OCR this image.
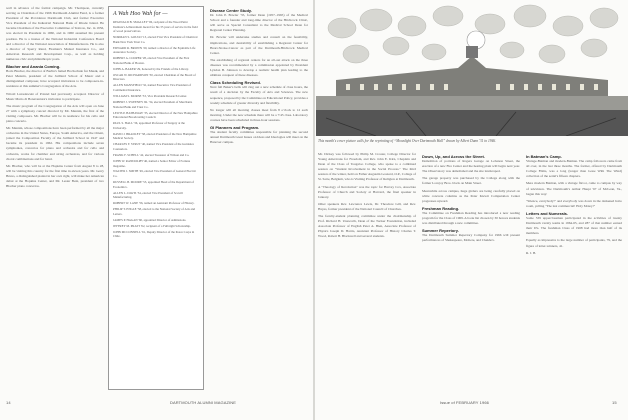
well in advance of the formal campaign. Mr. Thompson, currently serving as Chairman of the 1966 Dartmouth Alumni Fund, is a former President of the Providence Dartmouth Club, and former Executive Vice President of the Industrial National Bank of Rhode Island. He became Chairman of the Executive Committee of Textron, Inc. in 1956, was elected its President in 1960, and in 1960 assumed his present position. He is a trustee of the National Industrial Conference Board and a director of the National Association of Manufacturers. He is also a director of Sperry Rand, Fireman's Mutual Insurance Co., and American Research and Development Corp., as well as holding numerous civic and philanthropic posts.
Blacher and Anania Coming.
Boris Blacher, the director of Berlin's famed Hochschule fur Musik, and Peter Mennin, president of the Juilliard School of Music and a distinguished composer, have accepted invitations to be composers-in-residence at this summer's Congregation of the Arts.
Witold Lutoslawski of Poland had previously accepted. Director of Music Mario di Bonaventura's invitation to participate.
The music program of the Congregation of the Arts will open on June 27 with a symphony concert directed by Mr. Mennin, the first of the visiting composers. Mr. Blacher will be in residence for his cello and piano concerto.
Mr. Mennin, whose compositions have been performed by all the major orchestras in the United States, Europe, South America, and the Orient, joined the Composition Faculty of the Juilliard School in 1947 and became its president in 1962. His compositions include seven symphonies, concertos for piano and orchestra and for cello and orchestra, works for chamber and string orchestras, and for various choral combinations and for band.
Mr. Blacher, who will be at the Hopkins Center from August 8 to 28, will be visiting this country for the first time in eleven years. Mr. Gerry Bruno, a distinguished pianist in her own right, will make her American debut at the Hopkins Center, and Mr. Lester Bent, president of two Blacher piano concertos.
A Wah Hoo Wah for —
REGINALD B. SMALLEY '06, recipient of the Wood Paint Institute's Achievement Award for his 35 years of service in the field of wood preservatives.
NORMAN S. GOULD '13, elected First Vice President of Chemical Bank New York Trust Co.
EDWARD R. BROWN '20, named a director of the Equitable Life Assurance Society.
ROBERT A. COOPER '28, elected Vice President of the First National Bank of Boston.
JOHN A. BAKER '29, honored by the Friends of the Library.
OSCAR W. RICHARDSON '30, elected Chairman of the Board of Directors.
ALLEN MANSFIELD '32, named Executive Vice President of Continental Insurance.
WILLIAM S. MORSE '33, Vice President Research Center.
ROBERT J. SWEENEY JR. '34, elected President of Merchants National Bank and Trust Co.
LEWIS P. HATHAWAY '35, elected Director of the New Hampshire Educational Broadcasting Council.
PAUL S. HALL '36, appointed Professor of Surgery at the University.
DAVID J. BRADLEY '38, elected President of the New Hampshire Medical Society.
CHARLES F. STRUT '40, named Vice President of the Guidance Counselors.
FRANK F. SCHELL '42, elected Treasurer of Wilson and Co.
JOHN W. RANDOLPH '46, named a Senior Editor of Fortune magazine.
WALTER J. SMITH '49, elected Vice President of General Electric Co.
RUSSELL B. MOORE '53, appointed Head of the Department of Economics.
ALLEN L. DAVIS '54, elected Vice President of Scovill Manufacturing.
ROBERT W. LANE '56, named an Assistant Professor of History.
PHILIP T. ENGLE '58, elected to the National Society of Arts and Letters.
JAMES P. HAGAN '60, appointed Director of Admissions.
JEFFREY M. PRATT '62, recipient of a Fulbright Scholarship.
JOHN MCCONNELL '61, Deputy Director of the Peace Corps in Chile.
Disease Center Study.
Dr. John P. Bowler '35, former Dean (1957–1965) of the Medical School and a founder and long-time director of the Hitchcock Clinic, will serve as Special Consultant to the Medical School Dean for Regional Center Planning.
Dr. Bowler will undertake studies and consult on the feasibility, implications, and desirability of establishing a Regional Center for Heart-Stroke-Cancer as part of the Dartmouth-Hitchcock Medical Center.
The establishing of regional centers for an all-out attack on the three diseases was recommended by a commission appointed by President Lyndon B. Johnson to develop a realistic health plan leading to the ultimate conquest of these diseases.
Class Scheduling Revised.
Next fall Baker's bells will ring out a new schedule of class hours, the result of a decision by the Faculty of Arts and Sciences. The new sequence, proposed by the Committee on Educational Policy, provides a weekly schedule of greater diversity and flexibility.
No longer will all morning classes meet from 8 o'clock to 12 each morning. Under the new schedule there will be a 7:45 class. Laboratory courses have been scheduled in three-hour sessions.
GI Planners and Program.
The student faculty committee responsible for planning the second annual Dartmouth Great Issues on Ideas and Ideologies will meet on the Hanover campus.
14	DARTMOUTH ALUMNI MAGAZINE
This month's cover picture calls for the reprinting of “Moonlight Over Dartmouth Hall” drawn by Albert Dunn '31 in 1946.
Mr. Dickey was followed by Philip M. Crosier, College Director for Young Americans for Freedom, and Rev. John E. Kirn, Chaplain and Dean of the Class of Tougaloo College, who spoke to a combined session on "Student Involvement in the Social Process." The third session of the winter, held on Father Augustin Leonard, O.P., College of St. Sarte, Belgium, who is Visiting Professor of Religion at Dartmouth.
A "Theology of Revolution" was the topic for Harvey Cox, Associate Professor of Church and Society at Harvard, the final speaker in January.
Other speakers Rev. Lawrence Lewis, Dr. Theodore Gill, and Rev. Hayes, former president of the National Council of Churches.
The faculty-student planning committee under the chairmanship of Prof. Richard H. Unsworth, Dean of the Tucker Foundation, included Associate Professor of English Peter A. Bien, Associate Professor of Physics Joseph D. Harris, Assistant Professor of History Charles T. Wood, Robert H. Blackwell and several students.
Down, Up, and Across the Street.
Demolition of portions of Rogers Garage on Lebanon Street, the erection of a new Fire Center and the heating plant will begin next year. The Observatory was demolished and the site landscaped.
The garage property was purchased by the College along with the former Lovejoy Bros. block on Main Street.
Meanwhile across campus, huge girders are being carefully placed on white concrete columns as the Peter Kiewit Computation Center progresses upward.
Freshman Reading.
The Committee on Freshman Reading has introduced a new reading program for the Class of 1969. A book list chosen by 30 honors students was distributed through a new committee.
Summer Repertory.
The Dartmouth Summer Repertory Company for 1966 will present performances of Shakespeare, Moliere, and Chekhov.
In Batman's Camp.
Vintage-Batman and modern-Batman. The camp followers came from all over, in the last three months. The former, offered by Dartmouth College Films, was a long (longer than Gone With The Wind) collection of the serial's fifteen chapters.
Mere modern Batman, with a vintage flavor, came to campus by way of television. The Dartmouth's Arthur Haupt '67 of McLean, Va., began this way:
"Silence, everybody!" and everybody was down in the darkened hobo room, yelling "The last commercial! Holy Moley!"
Letters and Numerals.
Some 539 upperclassmen participated in the activities of twenty Dartmouth varsity teams in 1964-65, and 287 of that number earned their D's. The freshman Class of 1968 had more than half of its members.
Equally as impressive is the large number of participants, 79, and the figure of letter-winners, 41.
R. J. B.
Issue of FEBRUARY 1966	15
